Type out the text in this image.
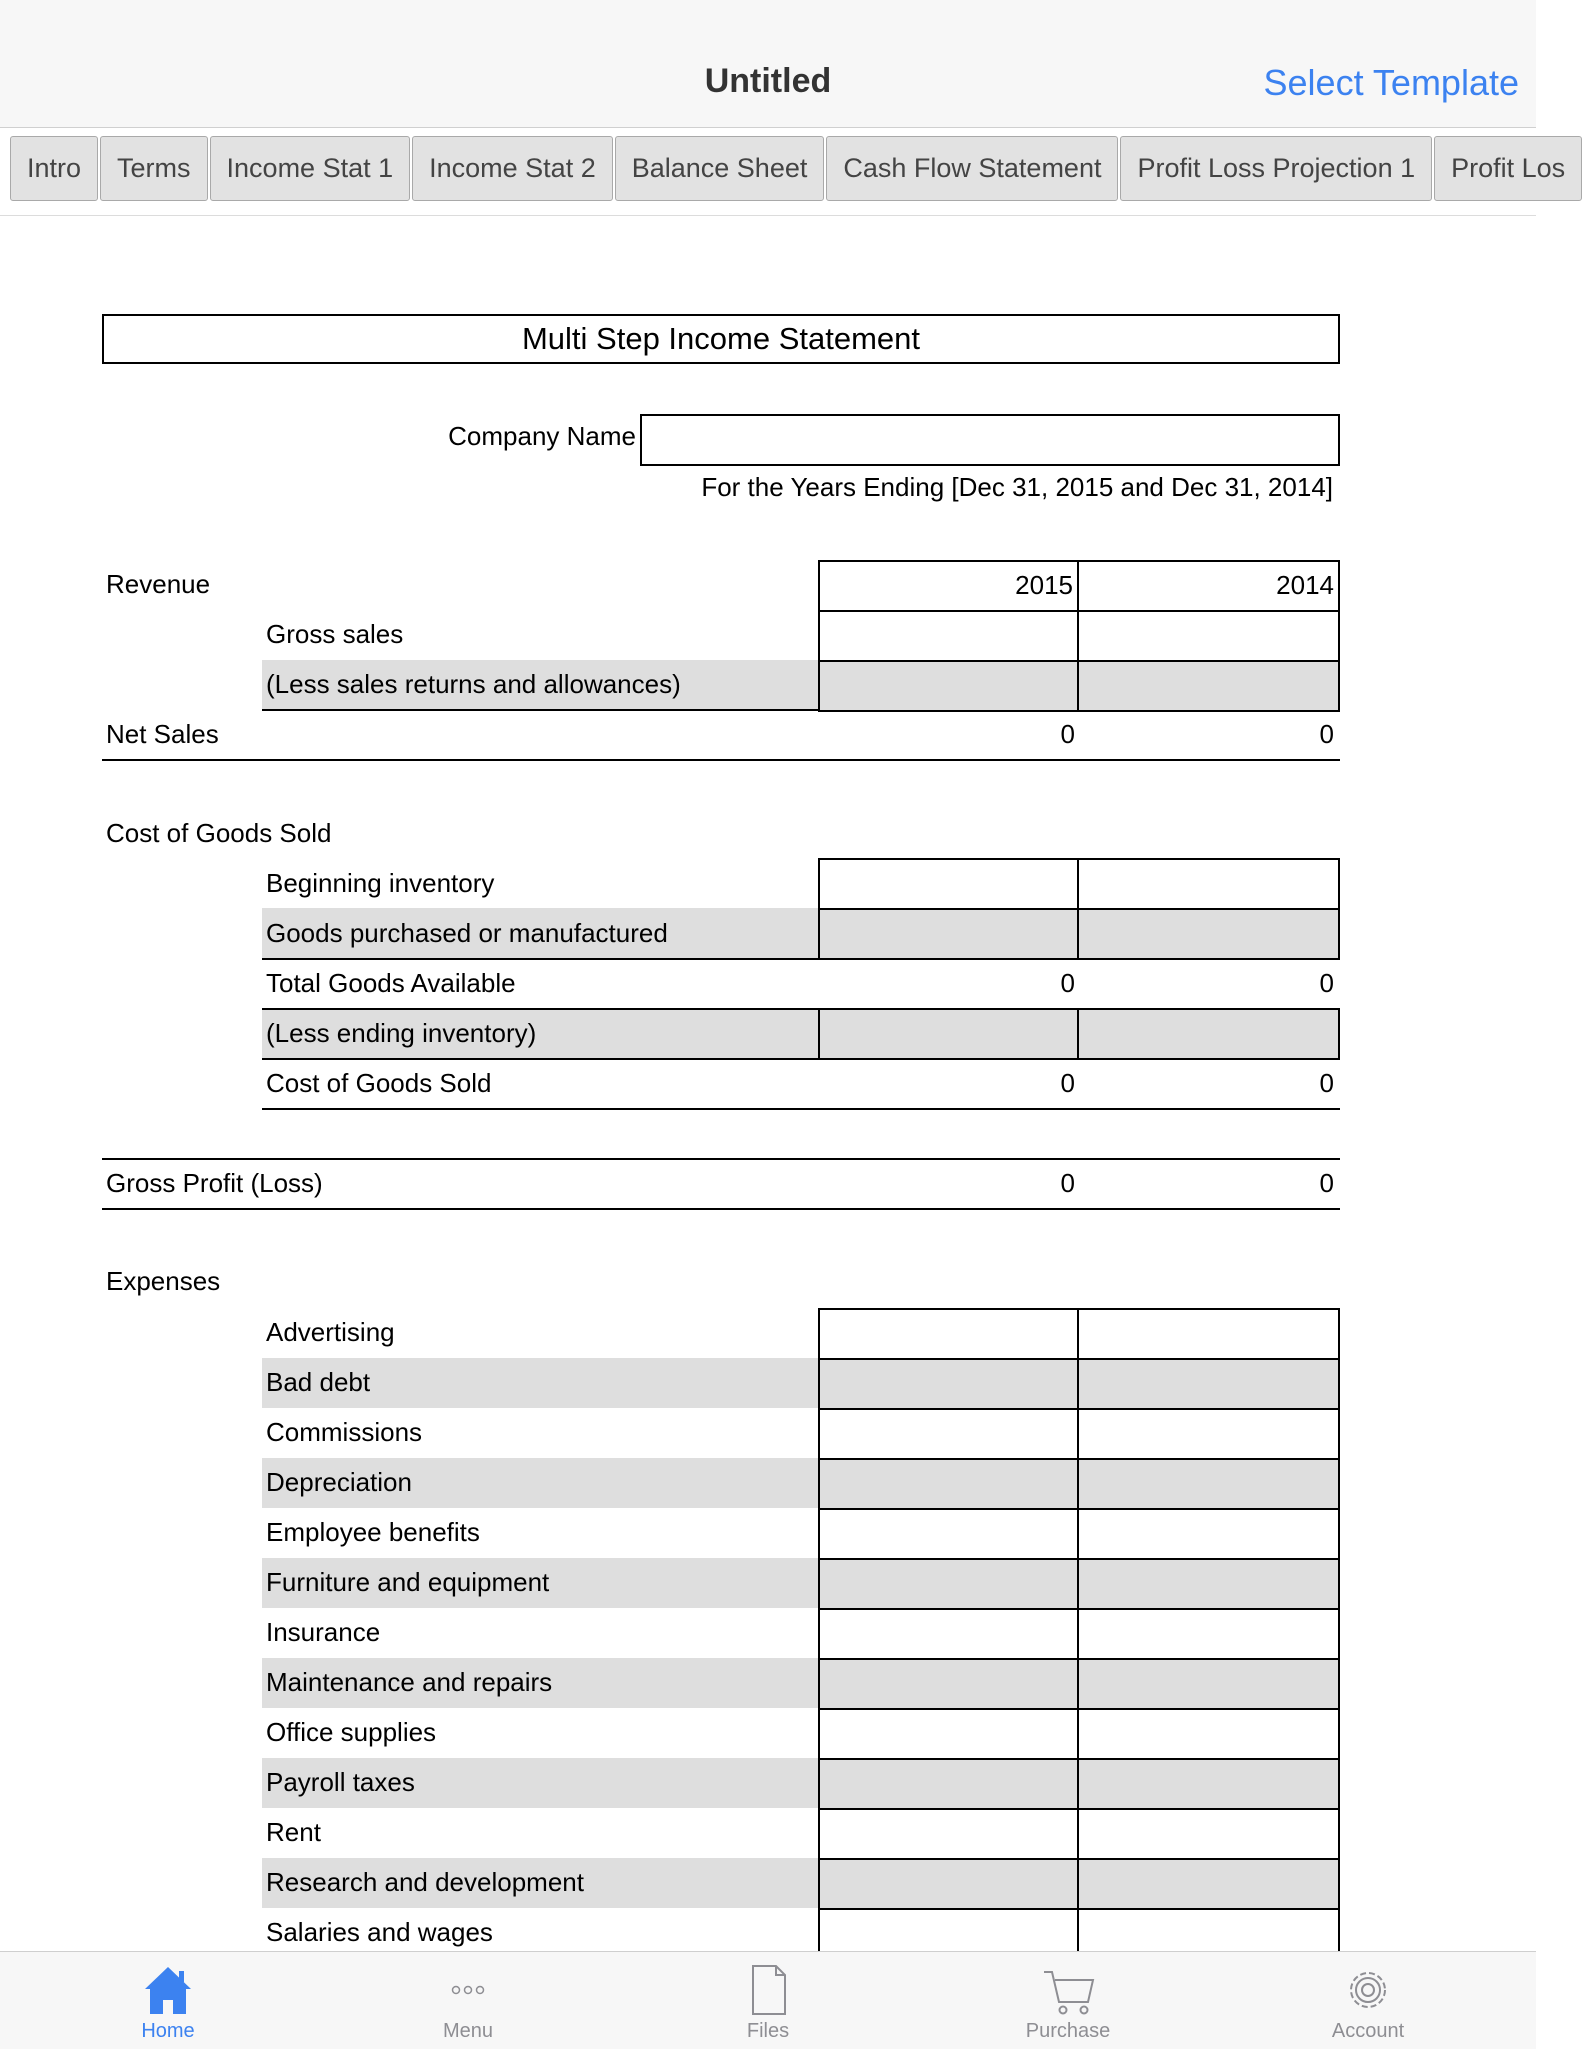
Untitled	Select Template
Intro	Terms	Income Stat 1	Income Stat 2	Balance Sheet	Cash Flow Statement	Profit Loss Projection 1	Profit Los
Multi Step Income Statement
Company Name
For the Years Ending [Dec 31, 2015 and Dec 31, 2014]
Revenue	2015	2014
Gross sales
(Less sales returns and allowances)
Net Sales	0	0
Cost of Goods Sold
Beginning inventory
Goods purchased or manufactured
Total Goods Available	0	0
(Less ending inventory)
Cost of Goods Sold	0	0
Gross Profit (Loss)	0	0
Expenses
Advertising
Bad debt
Commissions
Depreciation
Employee benefits
Furniture and equipment
Insurance
Maintenance and repairs
Office supplies
Payroll taxes
Rent
Research and development
Salaries and wages
Home	Menu	Files	Purchase	Account
